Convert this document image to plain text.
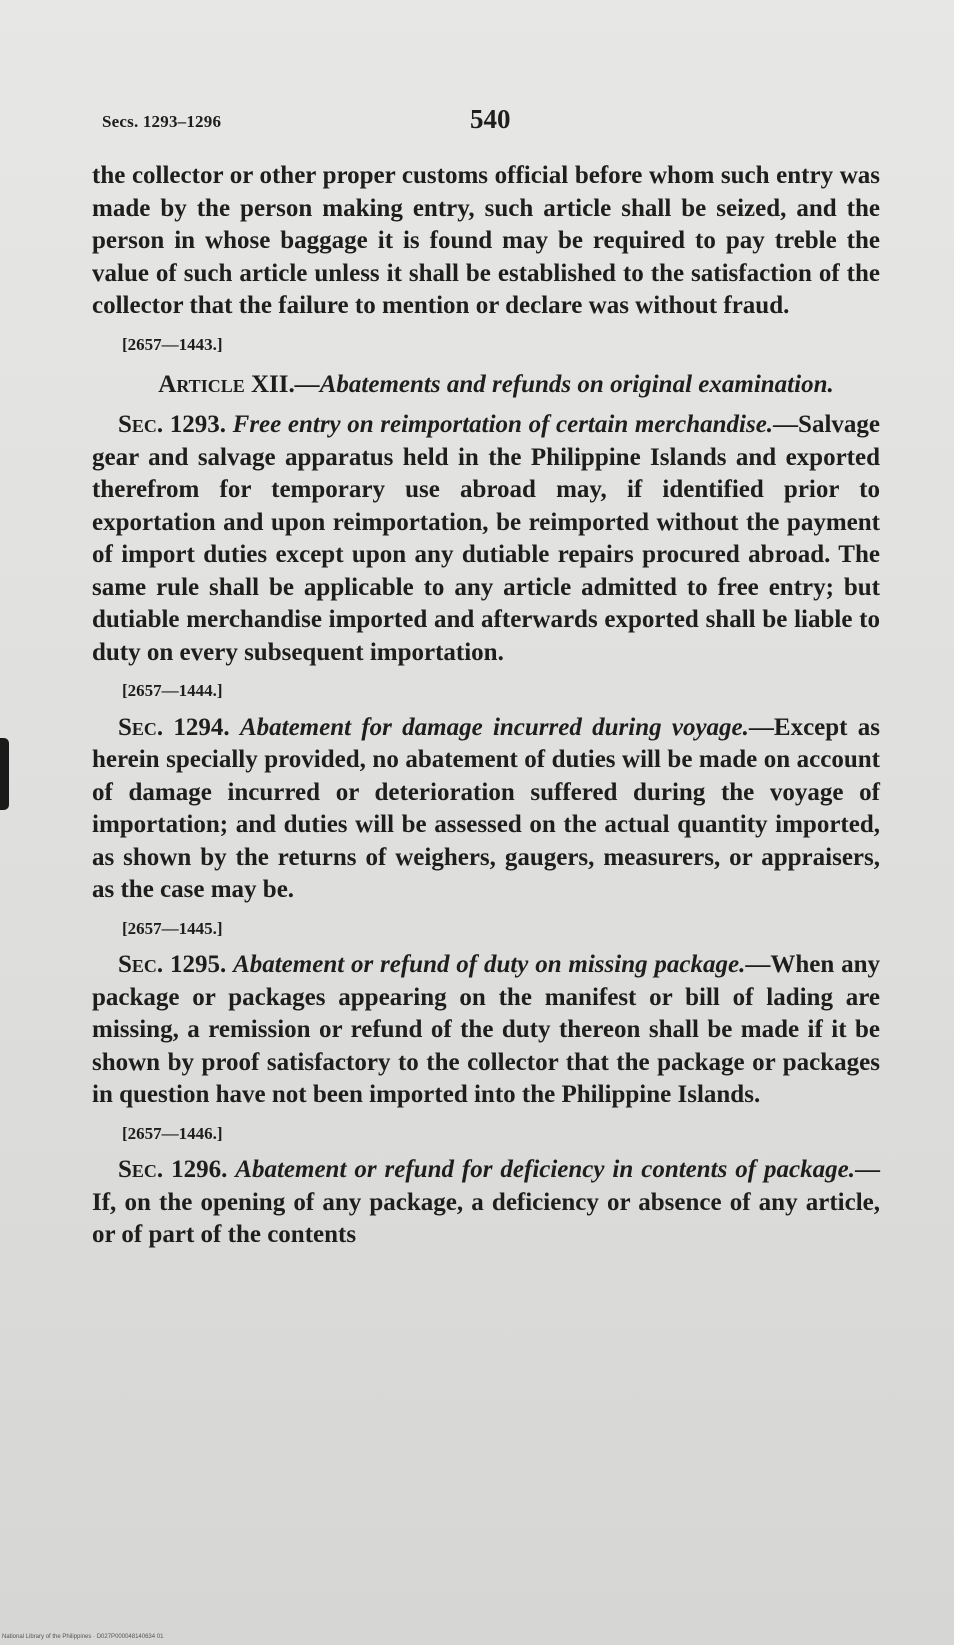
Secs. 1293–1296	540

the collector or other proper customs official before whom such entry was made by the person making entry, such article shall be seized, and the person in whose baggage it is found may be required to pay treble the value of such article unless it shall be established to the satisfaction of the collector that the failure to mention or declare was without fraud.

[2657—1443.]
Article XII.—Abatements and refunds on original examination.

Sec. 1293. Free entry on reimportation of certain merchandise.—Salvage gear and salvage apparatus held in the Philippine Islands and exported therefrom for temporary use abroad may, if identified prior to exportation and upon reimportation, be reimported without the payment of import duties except upon any dutiable repairs procured abroad. The same rule shall be applicable to any article admitted to free entry; but dutiable merchandise imported and afterwards exported shall be liable to duty on every subsequent importation.

[2657—1444.]

Sec. 1294. Abatement for damage incurred during voyage.—Except as herein specially provided, no abatement of duties will be made on account of damage incurred or deterioration suffered during the voyage of importation; and duties will be assessed on the actual quantity imported, as shown by the returns of weighers, gaugers, measurers, or appraisers, as the case may be.

[2657—1445.]

Sec. 1295. Abatement or refund of duty on missing package.—When any package or packages appearing on the manifest or bill of lading are missing, a remission or refund of the duty thereon shall be made if it be shown by proof satisfactory to the collector that the package or packages in question have not been imported into the Philippine Islands.

[2657—1446.]

Sec. 1296. Abatement or refund for deficiency in contents of package.—If, on the opening of any package, a deficiency or absence of any article, or of part of the contents

National Library of the Philippines · D027P000048140634 01
